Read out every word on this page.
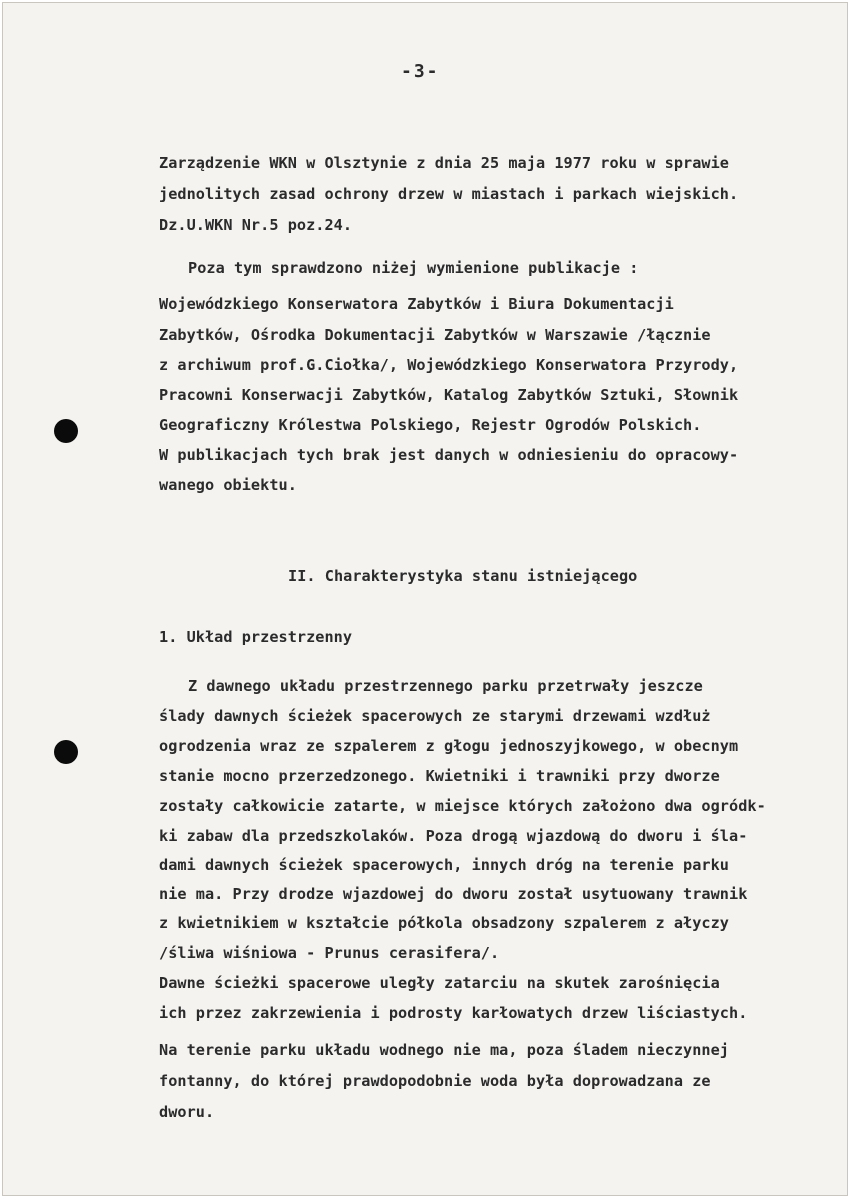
-3-
Zarządzenie WKN w Olsztynie z dnia 25 maja 1977 roku w sprawie
jednolitych zasad ochrony drzew w miastach i parkach wiejskich.
Dz.U.WKN Nr.5 poz.24.
Poza tym sprawdzono niżej wymienione publikacje :
Wojewódzkiego Konserwatora Zabytków i Biura Dokumentacji
Zabytków, Ośrodka Dokumentacji Zabytków w Warszawie /łącznie
z archiwum prof.G.Ciołka/, Wojewódzkiego Konserwatora Przyrody,
Pracowni Konserwacji Zabytków, Katalog Zabytków Sztuki, Słownik
Geograficzny Królestwa Polskiego, Rejestr Ogrodów Polskich.
W publikacjach tych brak jest danych w odniesieniu do opracowy-
wanego obiektu.
II. Charakterystyka stanu istniejącego
1. Układ przestrzenny
Z dawnego układu przestrzennego parku przetrwały jeszcze
ślady dawnych ścieżek spacerowych ze starymi drzewami wzdłuż
ogrodzenia wraz ze szpalerem z głogu jednoszyjkowego, w obecnym
stanie mocno przerzedzonego. Kwietniki i trawniki przy dworze
zostały całkowicie zatarte, w miejsce których założono dwa ogródk-
ki zabaw dla przedszkolaków. Poza drogą wjazdową do dworu i śla-
dami dawnych ścieżek spacerowych, innych dróg na terenie parku
nie ma. Przy drodze wjazdowej do dworu został usytuowany trawnik
z kwietnikiem w kształcie półkola obsadzony szpalerem z ałyczy
/śliwa wiśniowa - Prunus cerasifera/.
Dawne ścieżki spacerowe uległy zatarciu na skutek zarośnięcia
ich przez zakrzewienia i podrosty karłowatych drzew liściastych.
Na terenie parku układu wodnego nie ma, poza śladem nieczynnej
fontanny, do której prawdopodobnie woda była doprowadzana ze
dworu.
